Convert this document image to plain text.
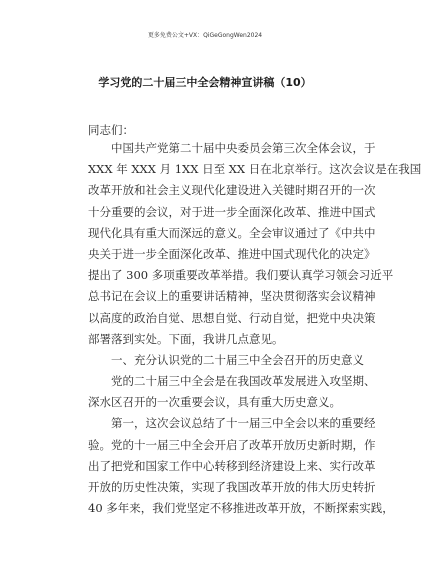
更多免费公文+VX：QiGeGongWen2024
学习党的二十届三中全会精神宣讲稿（10）
同志们：
中国共产党第二十届中央委员会第三次全体会议，于
XXX 年 XXX 月 1XX 日至 XX 日在北京举行。这次会议是在我国
改革开放和社会主义现代化建设进入关键时期召开的一次
十分重要的会议，对于进一步全面深化改革、推进中国式
现代化具有重大而深远的意义。全会审议通过了《中共中
央关于进一步全面深化改革、推进中国式现代化的决定》
提出了 300 多项重要改革举措。我们要认真学习领会习近平
总书记在会议上的重要讲话精神，坚决贯彻落实会议精神
以高度的政治自觉、思想自觉、行动自觉，把党中央决策
部署落到实处。下面，我讲几点意见。
一、充分认识党的二十届三中全会召开的历史意义
党的二十届三中全会是在我国改革发展进入攻坚期、
深水区召开的一次重要会议，具有重大历史意义。
第一，这次会议总结了十一届三中全会以来的重要经
验。党的十一届三中全会开启了改革开放历史新时期，作
出了把党和国家工作中心转移到经济建设上来、实行改革
开放的历史性决策，实现了我国改革开放的伟大历史转折
40 多年来，我们党坚定不移推进改革开放，不断探索实践，
